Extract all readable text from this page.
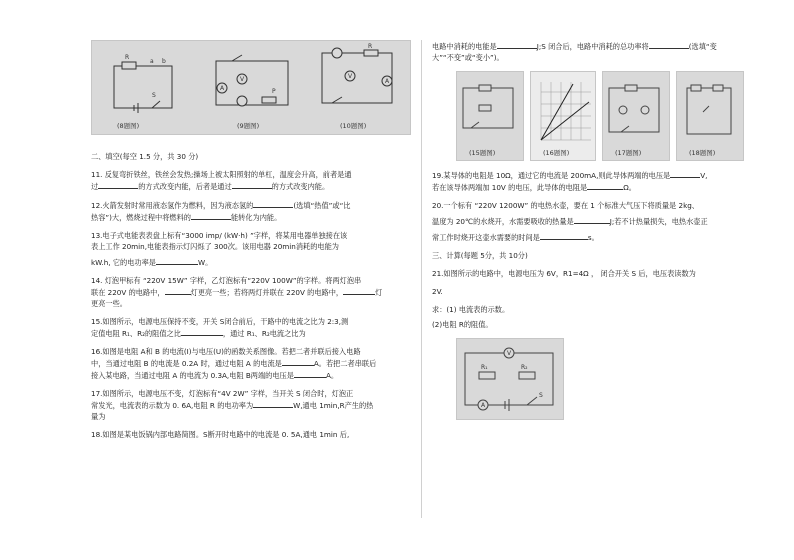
R
a b
S
V
A	P
R
V
A
(8题图)	(9题图)	(10题图)

二、填空(每空 1.5 分，共 30 分)

11. 反复弯折铁丝，铁丝会发热;操场上被太阳照射的单杠，温度会升高，前者是通

过	的方式改变内能，后者是通过	的方式改变内能。

12.火箭发射时常用液态氢作为燃料，因为液态氢的	(选填“热值”或“比

热容”)大，燃烧过程中将燃料的	能转化为内能。

13.电子式电能表表盘上标有“3000 imp/ (kW·h) ”字样，将某用电器单独接在该

表上工作 20min,电能表指示灯闪烁了 300次。该用电器 20min消耗的电能为

kW.h, 它的电功率是	W。

14. 灯泡甲标有 “220V 15W” 字样，乙灯泡标有“220V 100W”的字样。将两灯泡串

联在 220V 的电路中，	灯更亮一些；若将两灯并联在 220V 的电路中，	灯

更亮一些。

15.如图所示，电源电压保持不变，开关 S闭合前后，干路中的电流之比为 2:3,测

定值电阻 R₁、R₂的阻值之比	，通过 R₁、R₂电流之比为

16.如图是电阻 A和 B 的电流(I)与电压(U)的函数关系图像。若把二者并联后接入电路

中，当通过电阻 B 的电流是 0.2A 时，通过电阻 A 的电流是	A。若把二者串联后

接入某电路，当通过电阻 A 的电流为 0.3A,电阻 B两端的电压是	A。

17.如图所示，电源电压不变，灯泡标有“4V 2W” 字样，当开关 S 闭合时，灯泡正

常发光，电流表的示数为 0. 6A,电阻 R 的电功率为	W,通电 1min,R产生的热

量为

18.如图是某电饭锅内部电路简图。S断开时电路中的电流是 0. 5A,通电 1min 后,

电路中消耗的电能是	J;S 闭合后，电路中消耗的总功率将	(选填“变

大”“不变”或“变小”)。

(15题图)	(16题图)	(17题图)	(18题图)

19.某导体的电阻是 10Ω，通过它的电流是 200mA,则此导体两端的电压是	V,

若在该导体两端加 10V 的电压，此导体的电阻是	Ω。

20.一个标有 “220V 1200W” 的电热水壶，要在 1 个标准大气压下将质量是 2kg、

温度为 20℃的水烧开，水需要吸收的热量是	J;若不计热量损失，电热水壶正

常工作时烧开这壶水需要的时间是	s。

三、计算(每题 5分，共 10分)

21.如图所示的电路中，电源电压为 6V，R1=4Ω ， 闭合开关 S 后，电压表读数为

2V.

求：(1) 电流表的示数。

(2)电阻 R的阻值。

V
R₁	R₂
A
S
